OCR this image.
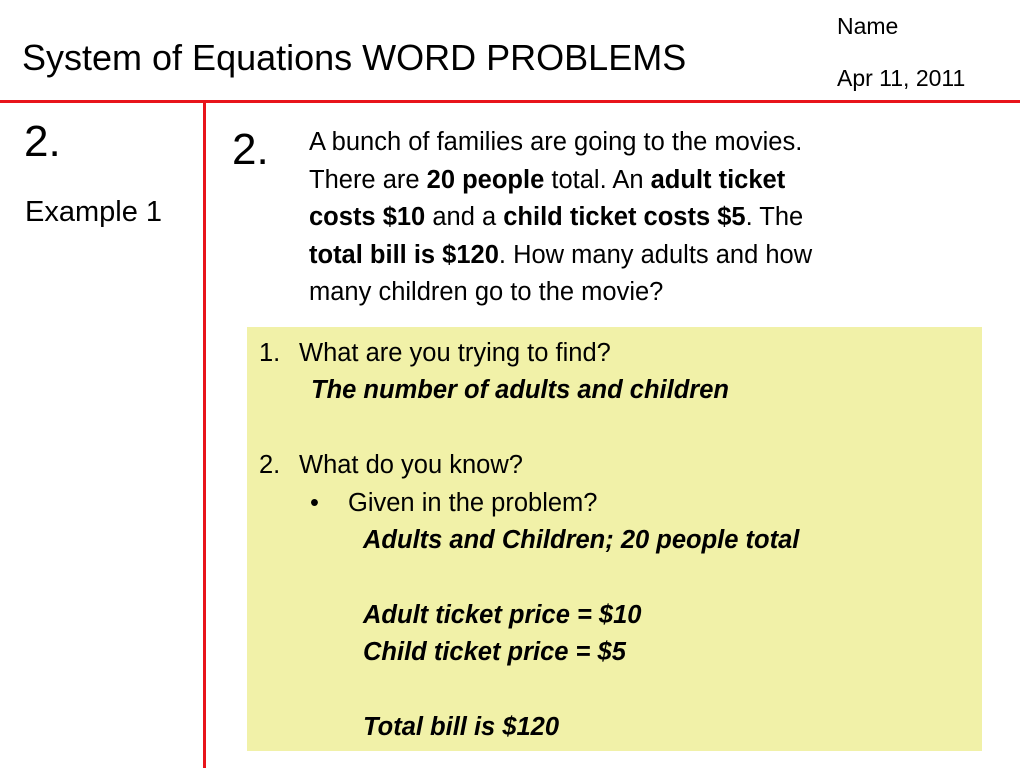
System of Equations WORD PROBLEMS
Name
Apr 11, 2011
2.
Example 1
2. A bunch of families are going to the movies.
There are 20 people total. An adult ticket
costs $10 and a child ticket costs $5. The
total bill is $120. How many adults and how
many children go to the movie?
1. What are you trying to find?
The number of adults and children
2. What do you know?
• Given in the problem?
Adults and Children; 20 people total
Adult ticket price = $10
Child ticket price = $5
Total bill is $120
